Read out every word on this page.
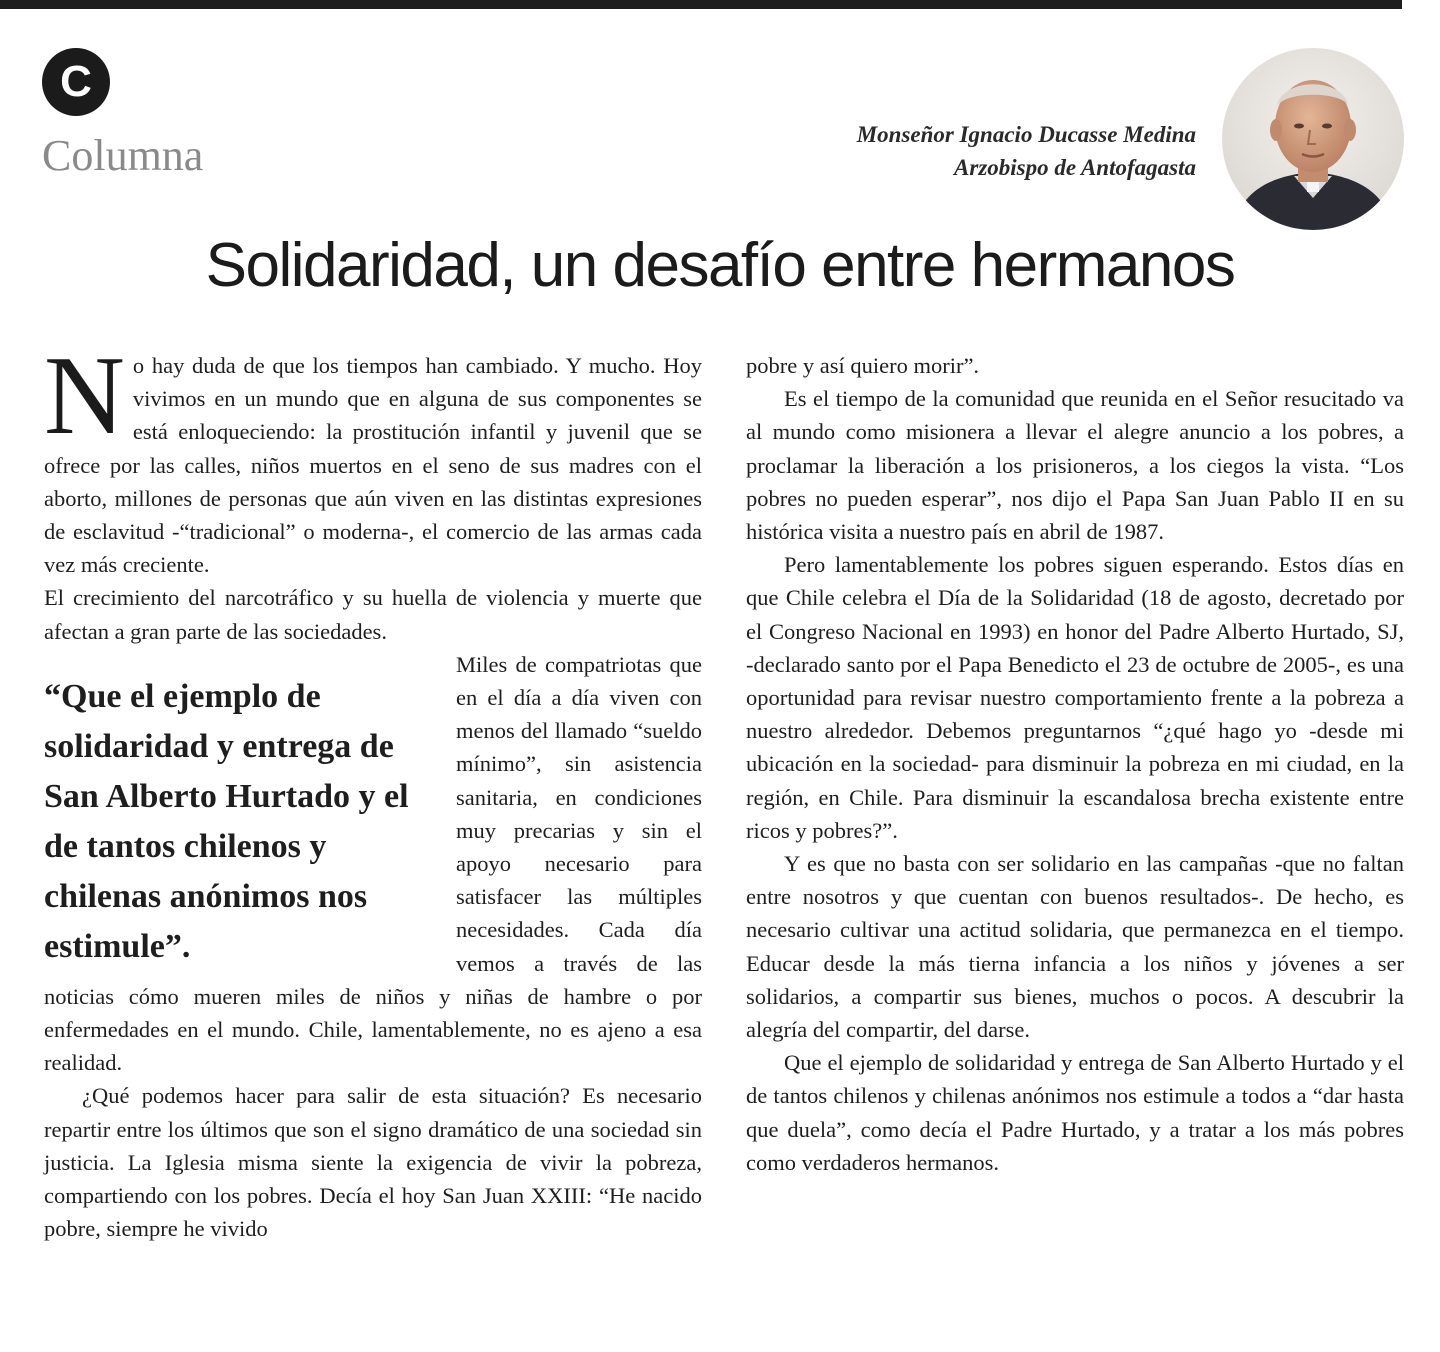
C
Columna	Monseñor Ignacio Ducasse Medina
Arzobispo de Antofagasta
Solidaridad, un desafío entre hermanos

No hay duda de que los tiempos han cambiado. Y mucho. Hoy vivimos en un mundo que en alguna de sus componentes se está enloqueciendo: la prostitución infantil y juvenil que se ofrece por las calles, niños muertos en el seno de sus madres con el aborto, millones de personas que aún viven en las distintas expresiones de esclavitud -“tradicional” o moderna-, el comercio de las armas cada vez más creciente.

El crecimiento del narcotráfico y su huella de violencia y muerte que afectan a gran parte de las sociedades.

“Que el ejemplo de solidaridad y entrega de San Alberto Hurtado y el de tantos chilenos y chilenas anónimos nos estimule”.

Miles de compatriotas que en el día a día viven con menos del llamado “sueldo mínimo”, sin asistencia sanitaria, en condiciones muy precarias y sin el apoyo necesario para satisfacer las múltiples necesidades. Cada día vemos a través de las noticias cómo mueren miles de niños y niñas de hambre o por enfermedades en el mundo. Chile, lamentablemente, no es ajeno a esa realidad.

¿Qué podemos hacer para salir de esta situación? Es necesario repartir entre los últimos que son el signo dramático de una sociedad sin justicia. La Iglesia misma siente la exigencia de vivir la pobreza, compartiendo con los pobres. Decía el hoy San Juan XXIII: “He nacido pobre, siempre he vivido

pobre y así quiero morir”.

Es el tiempo de la comunidad que reunida en el Señor resucitado va al mundo como misionera a llevar el alegre anuncio a los pobres, a proclamar la liberación a los prisioneros, a los ciegos la vista. “Los pobres no pueden esperar”, nos dijo el Papa San Juan Pablo II en su histórica visita a nuestro país en abril de 1987.

Pero lamentablemente los pobres siguen esperando. Estos días en que Chile celebra el Día de la Solidaridad (18 de agosto, decretado por el Congreso Nacional en 1993) en honor del Padre Alberto Hurtado, SJ, -declarado santo por el Papa Benedicto el 23 de octubre de 2005-, es una oportunidad para revisar nuestro comportamiento frente a la pobreza a nuestro alrededor. Debemos preguntarnos “¿qué hago yo -desde mi ubicación en la sociedad- para disminuir la pobreza en mi ciudad, en la región, en Chile. Para disminuir la escandalosa brecha existente entre ricos y pobres?”.

Y es que no basta con ser solidario en las campañas -que no faltan entre nosotros y que cuentan con buenos resultados-. De hecho, es necesario cultivar una actitud solidaria, que permanezca en el tiempo. Educar desde la más tierna infancia a los niños y jóvenes a ser solidarios, a compartir sus bienes, muchos o pocos. A descubrir la alegría del compartir, del darse.

Que el ejemplo de solidaridad y entrega de San Alberto Hurtado y el de tantos chilenos y chilenas anónimos nos estimule a todos a “dar hasta que duela”, como decía el Padre Hurtado, y a tratar a los más pobres como verdaderos hermanos.
